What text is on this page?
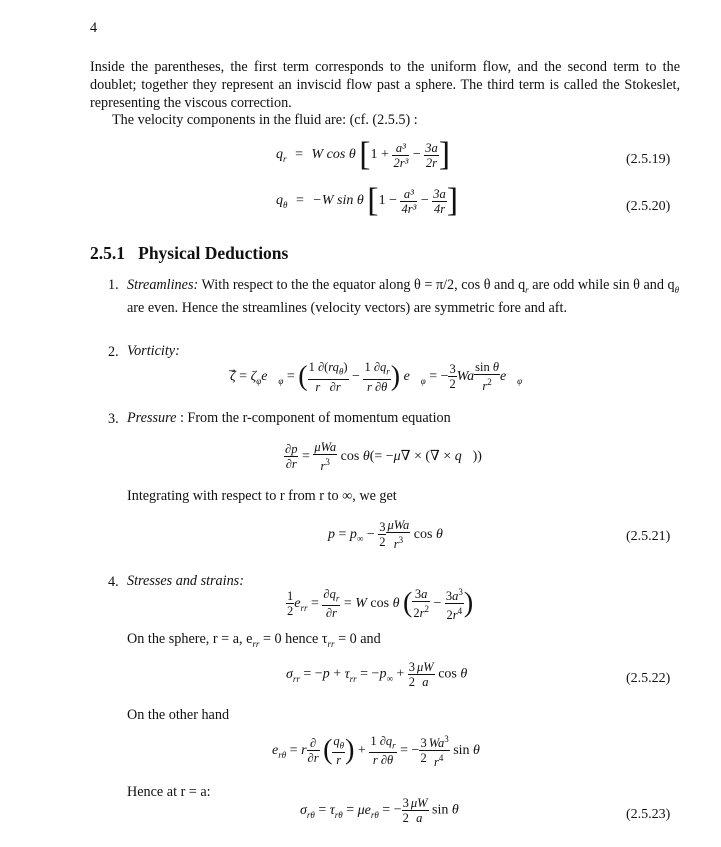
4
Inside the parentheses, the first term corresponds to the uniform flow, and the second term to the doublet; together they represent an inviscid flow past a sphere. The third term is called the Stokeslet, representing the viscous correction.
The velocity components in the fluid are: (cf. (2.5.5) :
$q_r = W$ cos θ [$1 + \frac{\text{a³}}{\text{2r³}} - \frac{3a}{2r}$ ]	(2.5.19)
$q_\theta = -W$ sin θ [$1 - \frac{\text{a³}}{\text{4r³}} - \frac{3a}{4r}$ ]	(2.5.20)
2.5.1 Physical Deductions
1. Streamlines: With respect to the the equator along θ = π/2, cos θ and $q_r$ are odd while sin θ and $q_\theta$ are even. Hence the streamlines (velocity vectors) are symmetric fore and aft.
2. Vorticity:
ζ⃗ = $\zeta_\varphi e⃗_\varphi$ = ( $\frac{1 \partial(rq_\theta)}{r \partial r} - \frac{1 \partial q_r}{r \partial\theta}$ ) $e⃗_\varphi$ = − $\frac{3}{2}$ Wa $\frac{\text{sin θ}}{r^2}$ $e⃗_\varphi$
3. Pressure : From the r-component of momentum equation
$\frac{\partial p}{\partial r} = \frac{\text{μWa}}{r^3}$ cos θ(= −μ∇ × (∇ × q⃗))
Integrating with respect to r from r to ∞, we get
$p = p_\infty - \frac{3}{2} \frac{\text{μWa}}{r^3}$ cos θ	(2.5.21)
4. Stresses and strains:
$\frac{1}{2} e_{rr} = \frac{\partial q_r}{\partial r} = W$ cos θ ( $\frac{3a}{2r^2} - \frac{3a^3}{2r^4}$ )
On the sphere, r = a, $e_{rr} = 0$ hence $\tau_{rr} = 0$ and
$\sigma_{rr} = -p + \tau_{rr} = -p_\infty + \frac{3}{2} \frac{\mu W}{a}$ cos θ	(2.5.22)
On the other hand
$e_{r\theta} = r \frac{\partial}{\partial r}$ ( $\frac{q_\theta}{r}$ ) + $\frac{1 \partial q_r}{r \partial\theta}$ = − $\frac{3}{2} \frac{Wa^3}{r^4}$ sin θ
Hence at r = a:
$\sigma_{r\theta} = \tau_{r\theta} = \mu e_{r\theta}$ = − $\frac{3}{2} \frac{\mu W}{a}$ sin θ	(2.5.23)
